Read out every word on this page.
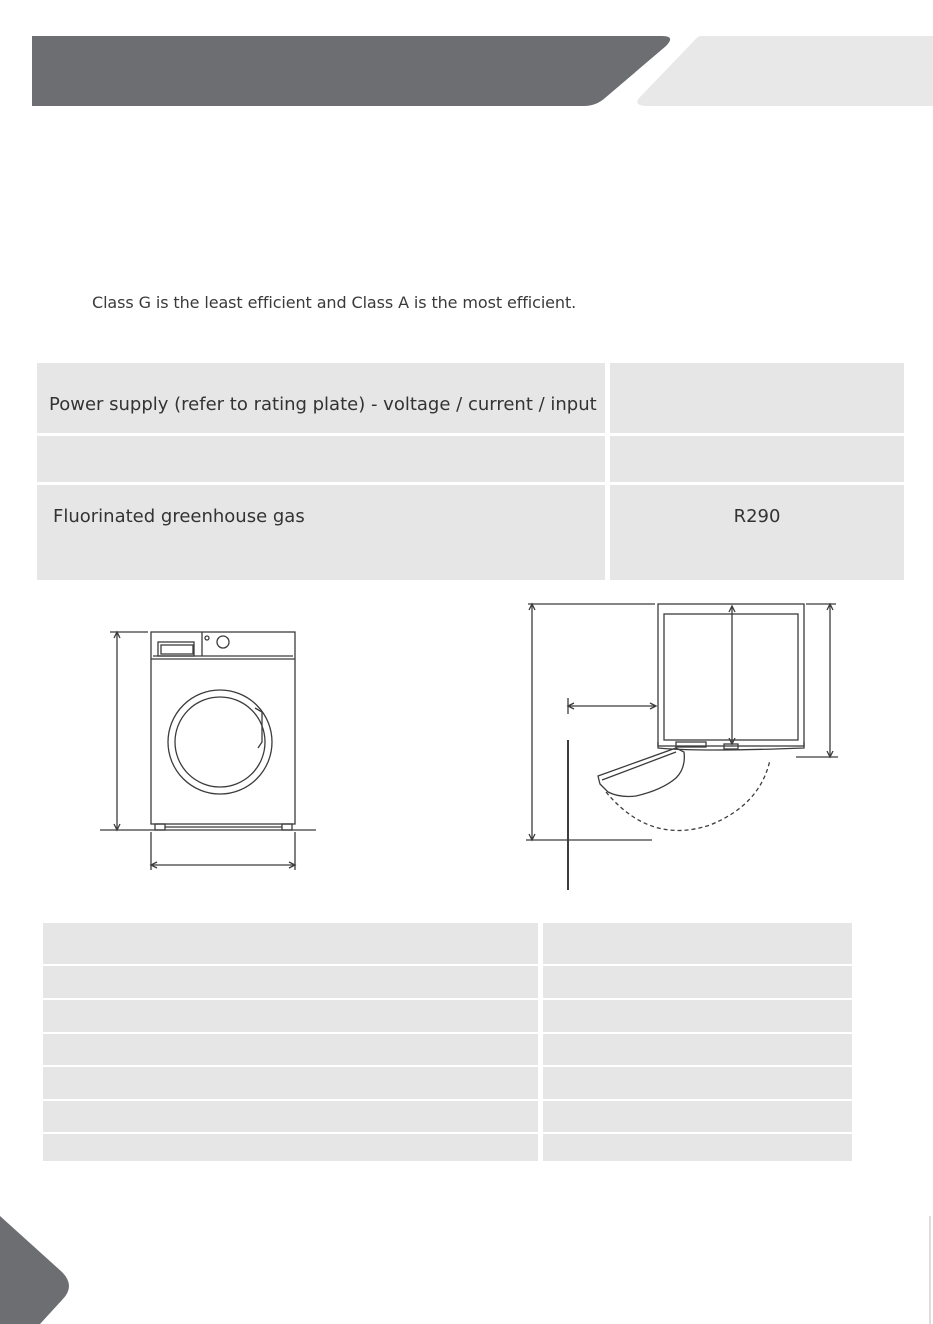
Class G is the least efficient and Class A is the most efficient.
Power supply (refer to rating plate) - voltage / current / input
Fluorinated greenhouse gas	R290
